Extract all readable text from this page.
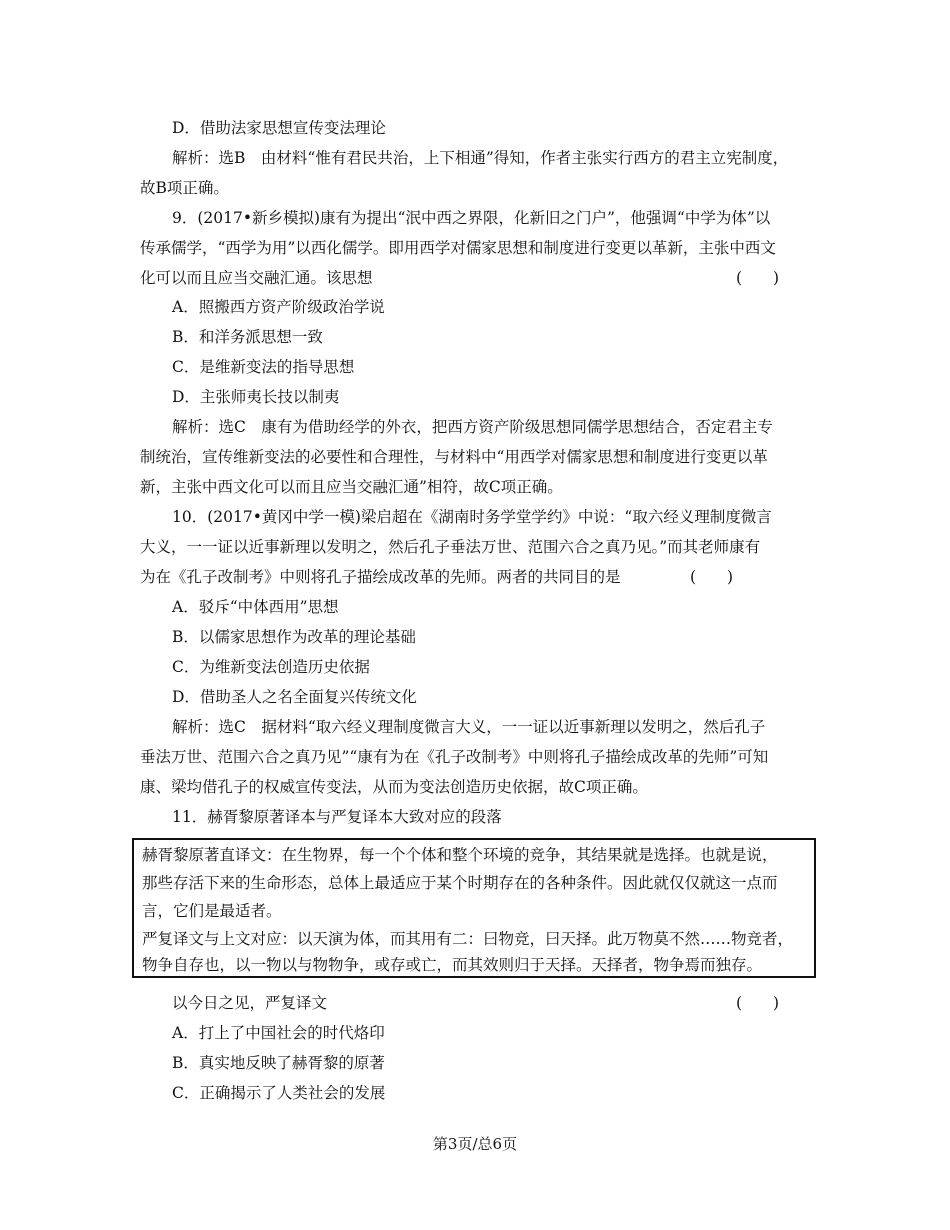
D．借助法家思想宣传变法理论
解析：选B　由材料“惟有君民共治，上下相通”得知，作者主张实行西方的君主立宪制度，
故B项正确。
9．(2017•新乡模拟)康有为提出“泯中西之界限，化新旧之门户”，他强调“中学为体”以
传承儒学，“西学为用”以西化儒学。即用西学对儒家思想和制度进行变更以革新，主张中西文
化可以而且应当交融汇通。该思想	(　　)
A．照搬西方资产阶级政治学说
B．和洋务派思想一致
C．是维新变法的指导思想
D．主张师夷长技以制夷
解析：选C　康有为借助经学的外衣，把西方资产阶级思想同儒学思想结合，否定君主专
制统治，宣传维新变法的必要性和合理性，与材料中“用西学对儒家思想和制度进行变更以革
新，主张中西文化可以而且应当交融汇通”相符，故C项正确。
10．(2017•黄冈中学一模)梁启超在《湖南时务学堂学约》中说：“取六经义理制度微言
大义，一一证以近事新理以发明之，然后孔子垂法万世、范围六合之真乃见。”而其老师康有
为在《孔子改制考》中则将孔子描绘成改革的先师。两者的共同目的是	(　　)
A．驳斥“中体西用”思想
B．以儒家思想作为改革的理论基础
C．为维新变法创造历史依据
D．借助圣人之名全面复兴传统文化
解析：选C　据材料“取六经义理制度微言大义，一一证以近事新理以发明之，然后孔子
垂法万世、范围六合之真乃见”“康有为在《孔子改制考》中则将孔子描绘成改革的先师”可知
康、梁均借孔子的权威宣传变法，从而为变法创造历史依据，故C项正确。
11．赫胥黎原著译本与严复译本大致对应的段落
赫胥黎原著直译文：在生物界，每一个个体和整个环境的竞争，其结果就是选择。也就是说，
那些存活下来的生命形态，总体上最适应于某个时期存在的各种条件。因此就仅仅就这一点而
言，它们是最适者。
严复译文与上文对应：以天演为体，而其用有二：曰物竞，曰天择。此万物莫不然……物竞者，
物争自存也，以一物以与物物争，或存或亡，而其效则归于天择。天择者，物争焉而独存。
以今日之见，严复译文	(　　)
A．打上了中国社会的时代烙印
B．真实地反映了赫胥黎的原著
C．正确揭示了人类社会的发展
第3页/总6页
